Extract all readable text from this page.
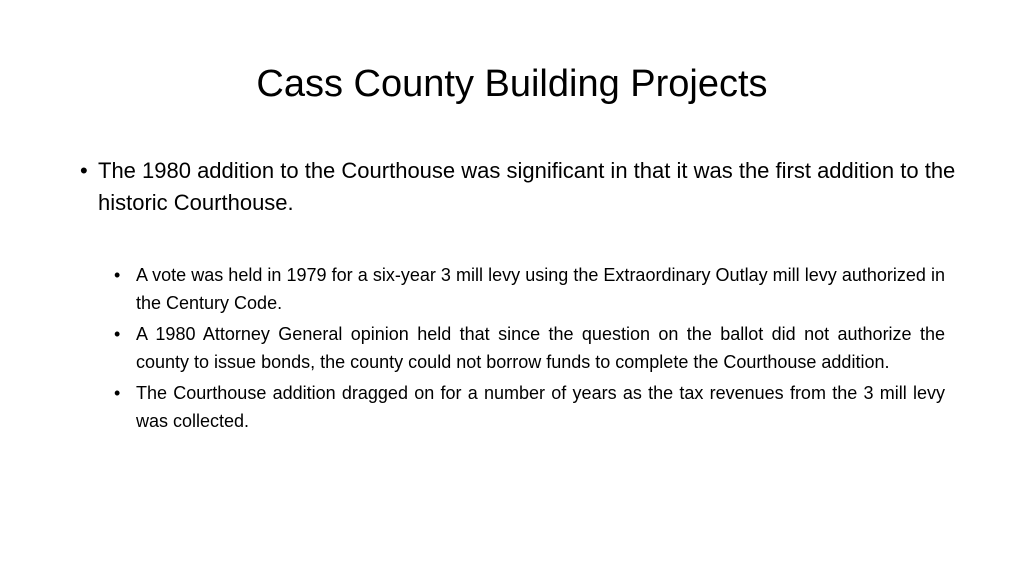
Cass County Building Projects
• The 1980 addition to the Courthouse was significant in that it was the first addition to the historic Courthouse.
• A vote was held in 1979 for a six-year 3 mill levy using the Extraordinary Outlay mill levy authorized in the Century Code.
• A 1980 Attorney General opinion held that since the question on the ballot did not authorize the county to issue bonds, the county could not borrow funds to complete the Courthouse addition.
• The Courthouse addition dragged on for a number of years as the tax revenues from the 3 mill levy was collected.
